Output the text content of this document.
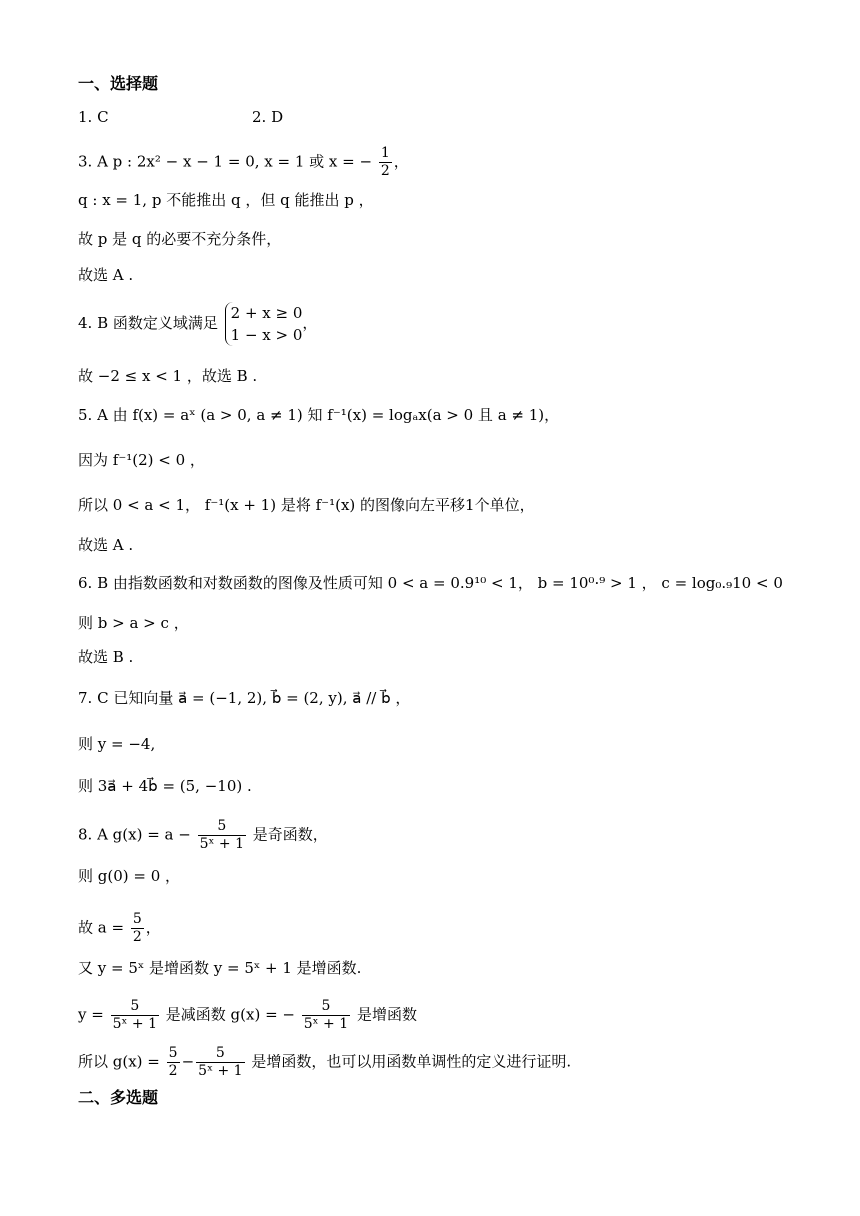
一、选择题
1. C	2. D
3. A p : 2x² − x − 1 = 0, x = 1 或 x = − $\frac{1}{2}$ ，
q : x = 1, p 不能推出 q ，但 q 能推出 p ，
故 p 是 q 的必要不充分条件，
故选 A .
4. B 函数定义域满足
2 + x ≥ 0
1 − x > 0
，
故 −2 ≤ x < 1 ，故选 B .
5. A 由 f(x) = aˣ (a > 0, a ≠ 1) 知 f⁻¹(x) = logₐx(a > 0 且 a ≠ 1)，
因为 f⁻¹(2) < 0 ，
所以 0 < a < 1， f⁻¹(x + 1) 是将 f⁻¹(x) 的图像向左平移1个单位，
故选 A .
6. B 由指数函数和对数函数的图像及性质可知 0 < a = 0.9¹⁰ < 1， b = 10⁰·⁹ > 1 ， c = log₀.₉10 < 0
则 b > a > c ，
故选 B .
7. C 已知向量 a⃗ = (−1, 2), b⃗ = (2, y), a⃗ // b⃗ ，
则 y = −4,
则 3a⃗ + 4b⃗ = (5, −10) .
8. A $g(x) = a - \frac{5}{\text{5ˣ + 1}}$ 是奇函数，
则 g(0) = 0 ，
故 $a = \frac{5}{2}$ ，
又 y = 5ˣ 是增函数 y = 5ˣ + 1 是增函数.
$y = \frac{5}{\text{5ˣ + 1}}$ 是减函数 g(x) = − $\frac{5}{\text{5ˣ + 1}}$ 是增函数
所以 $g(x) = \frac{5}{2} - \frac{5}{\text{5ˣ + 1}}$ 是增函数，也可以用函数单调性的定义进行证明.
二、多选题
